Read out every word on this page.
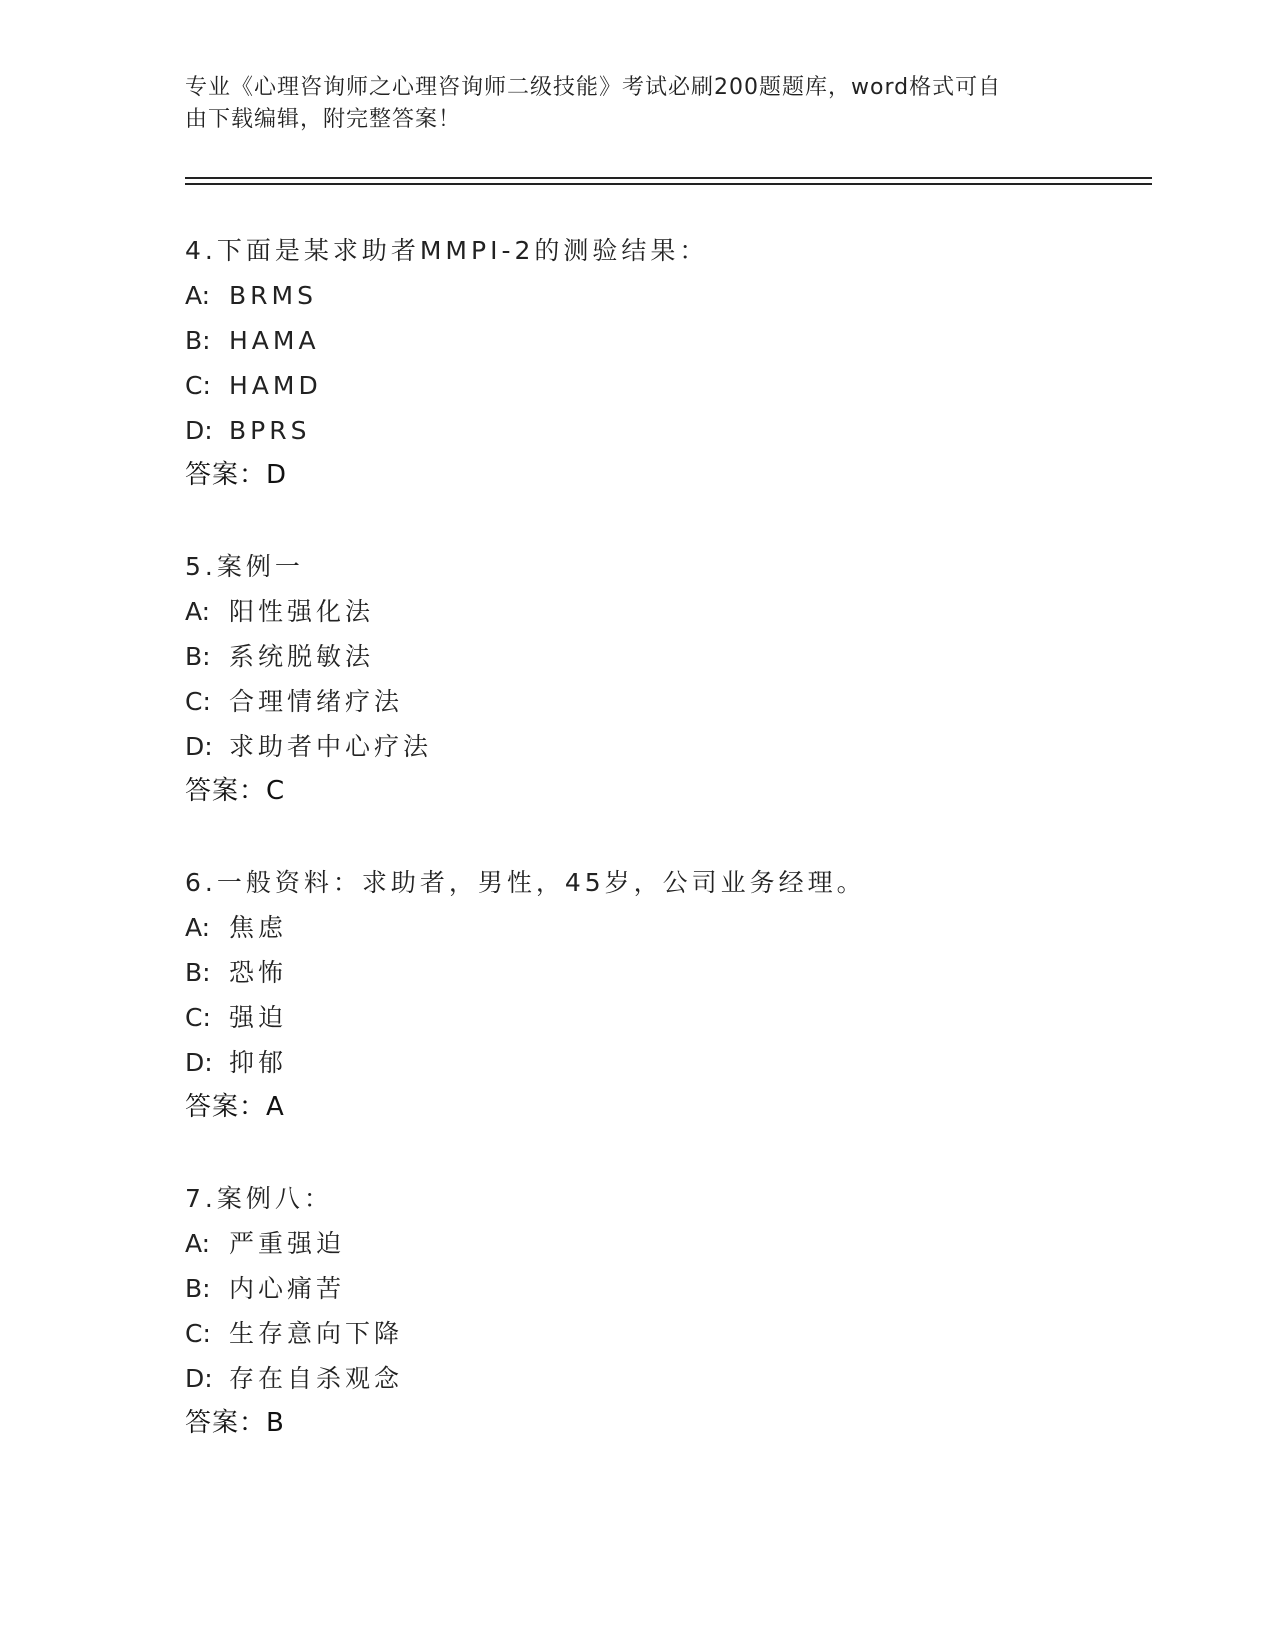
专业《心理咨询师之心理咨询师二级技能》考试必刷200题题库，word格式可自
由下载编辑，附完整答案！
4.下面是某求助者MMPI-2的测验结果：
A: BRMS
B: HAMA
C: HAMD
D: BPRS
答案：D
5.案例一
A: 阳性强化法
B: 系统脱敏法
C: 合理情绪疗法
D: 求助者中心疗法
答案：C
6.一般资料：求助者，男性，45岁，公司业务经理。
A: 焦虑
B: 恐怖
C: 强迫
D: 抑郁
答案：A
7.案例八：
A: 严重强迫
B: 内心痛苦
C: 生存意向下降
D: 存在自杀观念
答案：B
